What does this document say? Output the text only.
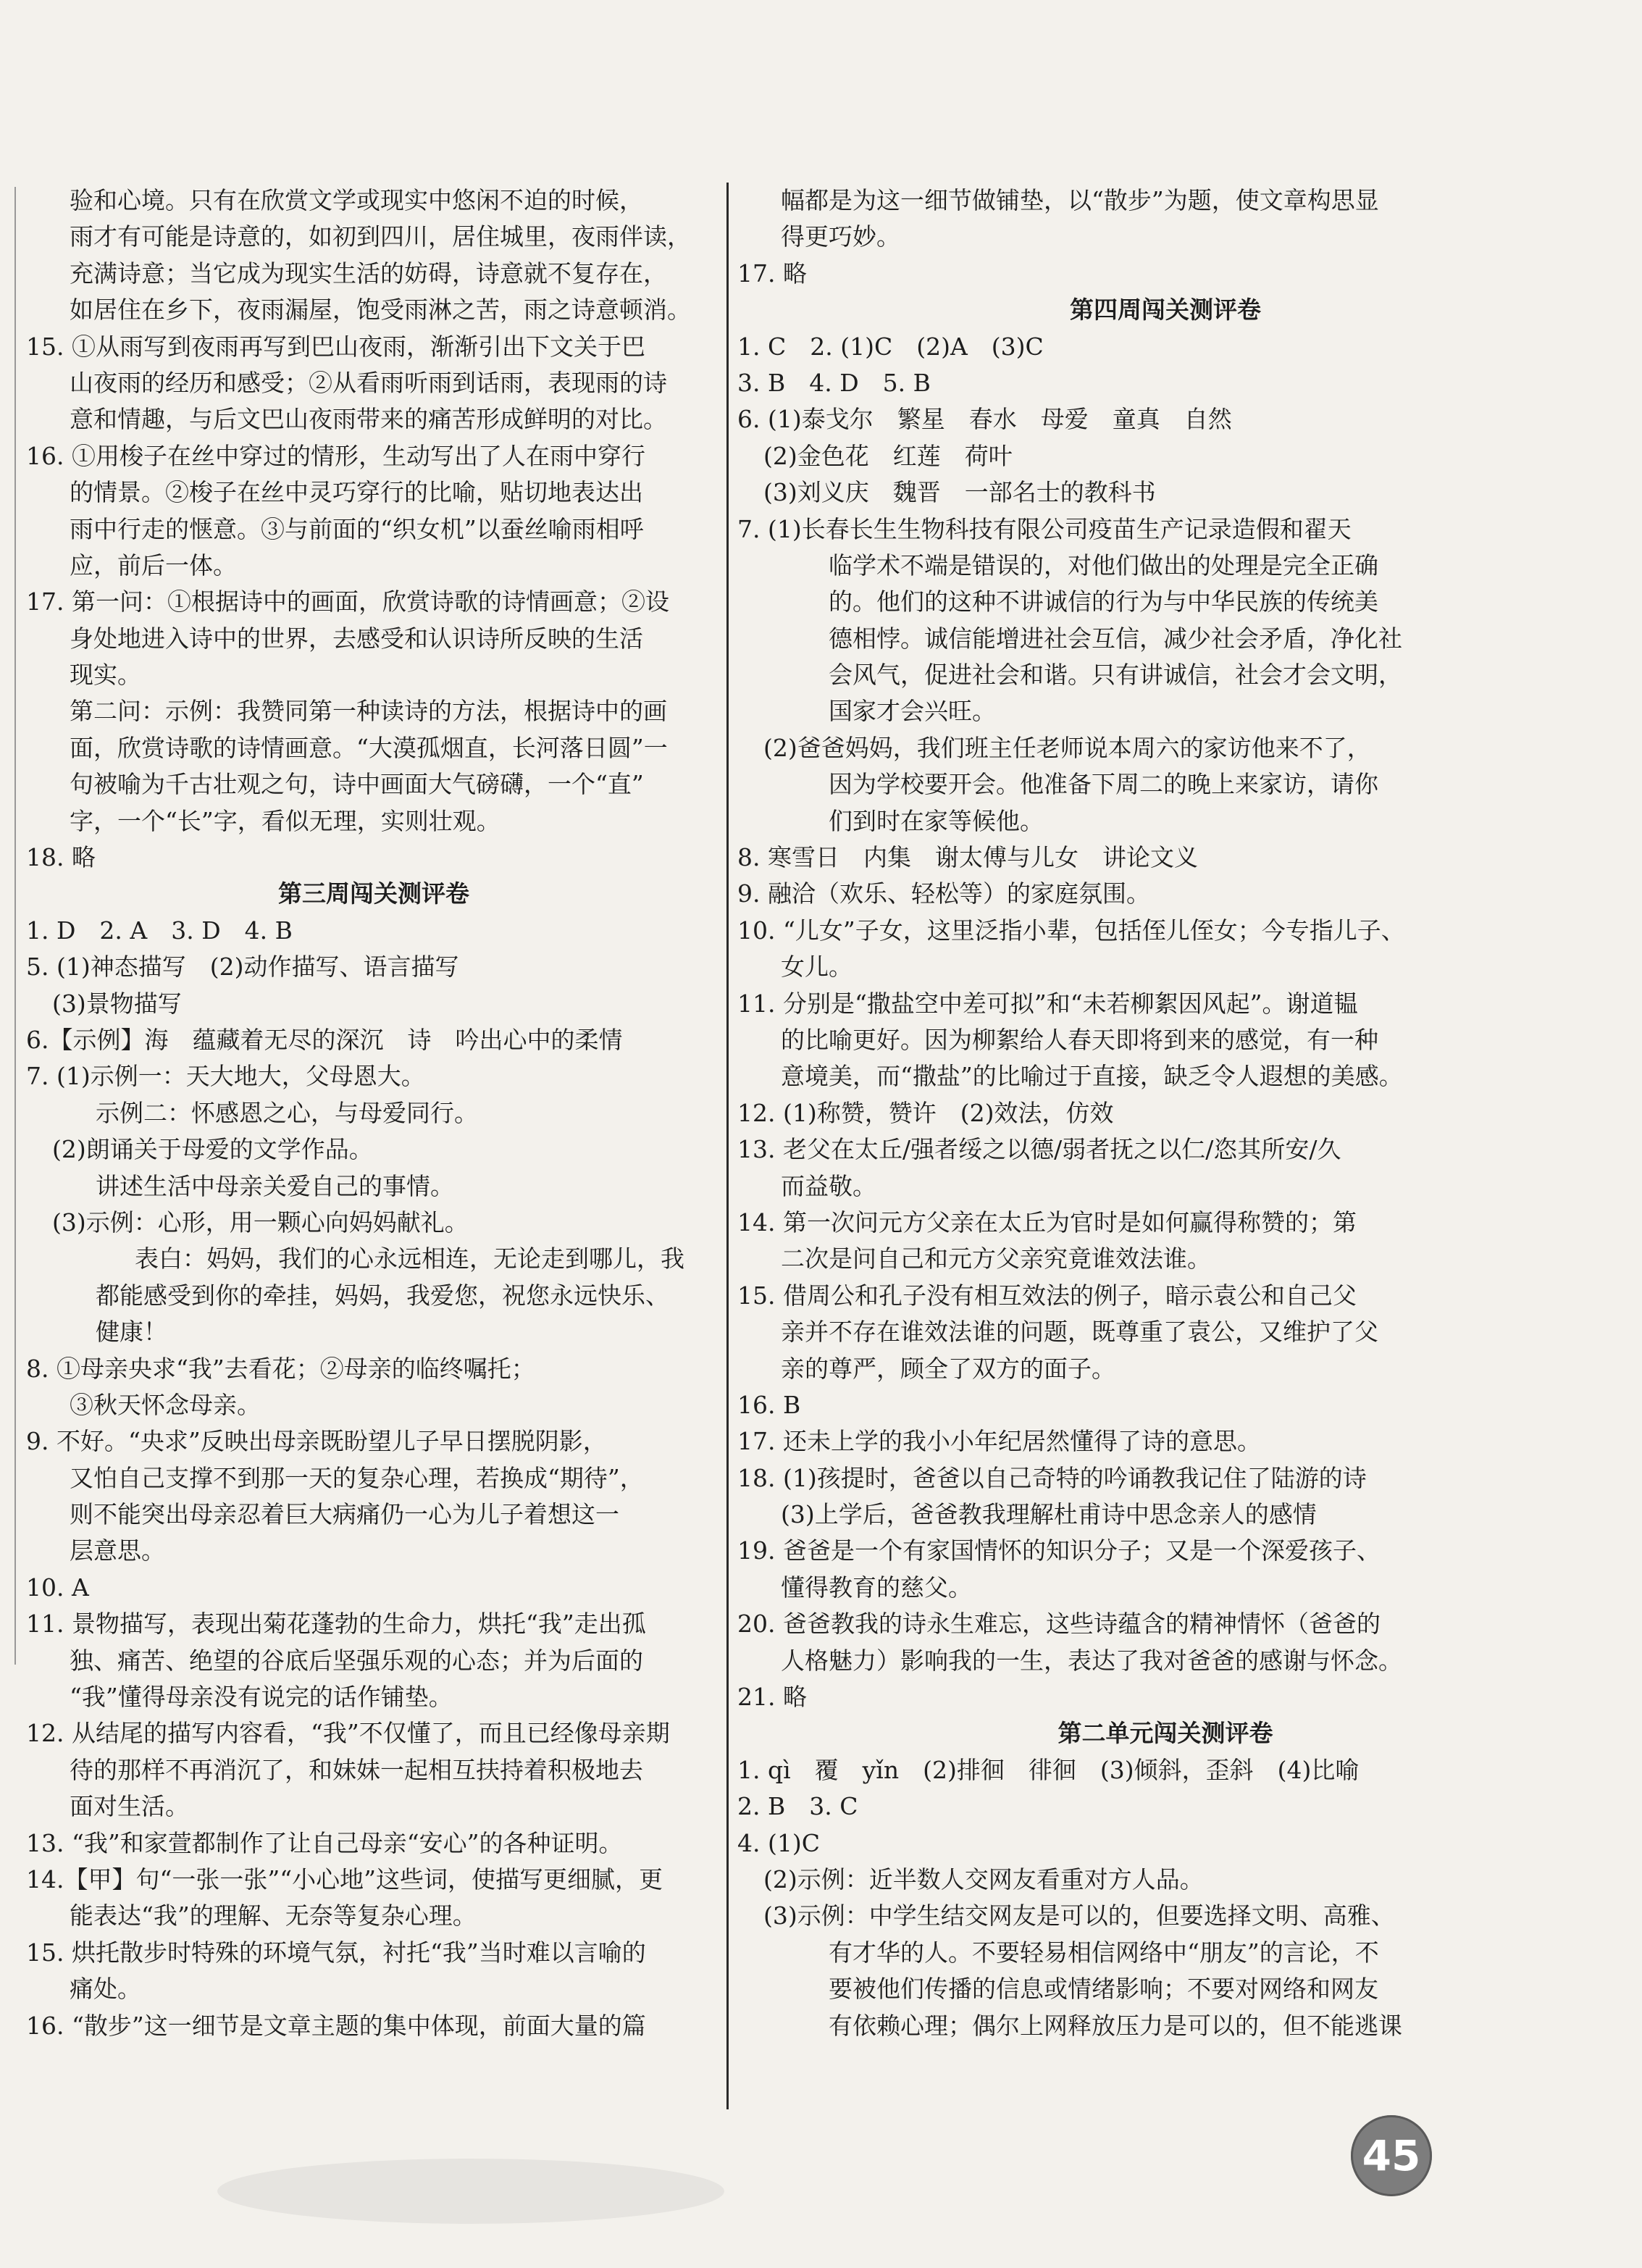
验和心境。只有在欣赏文学或现实中悠闲不迫的时候，
雨才有可能是诗意的，如初到四川，居住城里，夜雨伴读，
充满诗意；当它成为现实生活的妨碍，诗意就不复存在，
如居住在乡下，夜雨漏屋，饱受雨淋之苦，雨之诗意顿消。
15. ①从雨写到夜雨再写到巴山夜雨，渐渐引出下文关于巴
山夜雨的经历和感受；②从看雨听雨到话雨，表现雨的诗
意和情趣，与后文巴山夜雨带来的痛苦形成鲜明的对比。
16. ①用梭子在丝中穿过的情形，生动写出了人在雨中穿行
的情景。②梭子在丝中灵巧穿行的比喻，贴切地表达出
雨中行走的惬意。③与前面的“织女机”以蚕丝喻雨相呼
应，前后一体。
17. 第一问：①根据诗中的画面，欣赏诗歌的诗情画意；②设
身处地进入诗中的世界，去感受和认识诗所反映的生活
现实。
第二问：示例：我赞同第一种读诗的方法，根据诗中的画
面，欣赏诗歌的诗情画意。“大漠孤烟直，长河落日圆”一
句被喻为千古壮观之句，诗中画面大气磅礴，一个“直”
字，一个“长”字，看似无理，实则壮观。
18. 略
第三周闯关测评卷
1. D　2. A　3. D　4. B
5. (1)神态描写　(2)动作描写、语言描写
(3)景物描写
6.【示例】海　蕴藏着无尽的深沉　诗　吟出心中的柔情
7. (1)示例一：天大地大，父母恩大。
示例二：怀感恩之心，与母爱同行。
(2)朗诵关于母爱的文学作品。
讲述生活中母亲关爱自己的事情。
(3)示例：心形，用一颗心向妈妈献礼。
表白：妈妈，我们的心永远相连，无论走到哪儿，我
都能感受到你的牵挂，妈妈，我爱您，祝您永远快乐、
健康！
8. ①母亲央求“我”去看花；②母亲的临终嘱托；
③秋天怀念母亲。
9. 不好。“央求”反映出母亲既盼望儿子早日摆脱阴影，
又怕自己支撑不到那一天的复杂心理，若换成“期待”，
则不能突出母亲忍着巨大病痛仍一心为儿子着想这一
层意思。
10. A
11. 景物描写，表现出菊花蓬勃的生命力，烘托“我”走出孤
独、痛苦、绝望的谷底后坚强乐观的心态；并为后面的
“我”懂得母亲没有说完的话作铺垫。
12. 从结尾的描写内容看，“我”不仅懂了，而且已经像母亲期
待的那样不再消沉了，和妹妹一起相互扶持着积极地去
面对生活。
13. “我”和家萱都制作了让自己母亲“安心”的各种证明。
14.【甲】句“一张一张”“小心地”这些词，使描写更细腻，更
能表达“我”的理解、无奈等复杂心理。
15. 烘托散步时特殊的环境气氛，衬托“我”当时难以言喻的
痛处。
16. “散步”这一细节是文章主题的集中体现，前面大量的篇
幅都是为这一细节做铺垫，以“散步”为题，使文章构思显
得更巧妙。
17. 略
第四周闯关测评卷
1. C　2. (1)C　(2)A　(3)C
3. B　4. D　5. B
6. (1)泰戈尔　繁星　春水　母爱　童真　自然
(2)金色花　红莲　荷叶
(3)刘义庆　魏晋　一部名士的教科书
7. (1)长春长生生物科技有限公司疫苗生产记录造假和翟天
临学术不端是错误的，对他们做出的处理是完全正确
的。他们的这种不讲诚信的行为与中华民族的传统美
德相悖。诚信能增进社会互信，减少社会矛盾，净化社
会风气，促进社会和谐。只有讲诚信，社会才会文明，
国家才会兴旺。
(2)爸爸妈妈，我们班主任老师说本周六的家访他来不了，
因为学校要开会。他准备下周二的晚上来家访，请你
们到时在家等候他。
8. 寒雪日　内集　谢太傅与儿女　讲论文义
9. 融洽（欢乐、轻松等）的家庭氛围。
10. “儿女”子女，这里泛指小辈，包括侄儿侄女；今专指儿子、
女儿。
11. 分别是“撒盐空中差可拟”和“未若柳絮因风起”。谢道韫
的比喻更好。因为柳絮给人春天即将到来的感觉，有一种
意境美，而“撒盐”的比喻过于直接，缺乏令人遐想的美感。
12. (1)称赞，赞许　(2)效法，仿效
13. 老父在太丘/强者绥之以德/弱者抚之以仁/恣其所安/久
而益敬。
14. 第一次问元方父亲在太丘为官时是如何赢得称赞的；第
二次是问自己和元方父亲究竟谁效法谁。
15. 借周公和孔子没有相互效法的例子，暗示袁公和自己父
亲并不存在谁效法谁的问题，既尊重了袁公，又维护了父
亲的尊严，顾全了双方的面子。
16. B
17. 还未上学的我小小年纪居然懂得了诗的意思。
18. (1)孩提时，爸爸以自己奇特的吟诵教我记住了陆游的诗
(3)上学后，爸爸教我理解杜甫诗中思念亲人的感情
19. 爸爸是一个有家国情怀的知识分子；又是一个深爱孩子、
懂得教育的慈父。
20. 爸爸教我的诗永生难忘，这些诗蕴含的精神情怀（爸爸的
人格魅力）影响我的一生，表达了我对爸爸的感谢与怀念。
21. 略
第二单元闯关测评卷
1. qì　覆　yǐn　(2)排徊　徘徊　(3)倾斜，歪斜　(4)比喻
2. B　3. C
4. (1)C
(2)示例：近半数人交网友看重对方人品。
(3)示例：中学生结交网友是可以的，但要选择文明、高雅、
有才华的人。不要轻易相信网络中“朋友”的言论，不
要被他们传播的信息或情绪影响；不要对网络和网友
有依赖心理；偶尔上网释放压力是可以的，但不能逃课
45
